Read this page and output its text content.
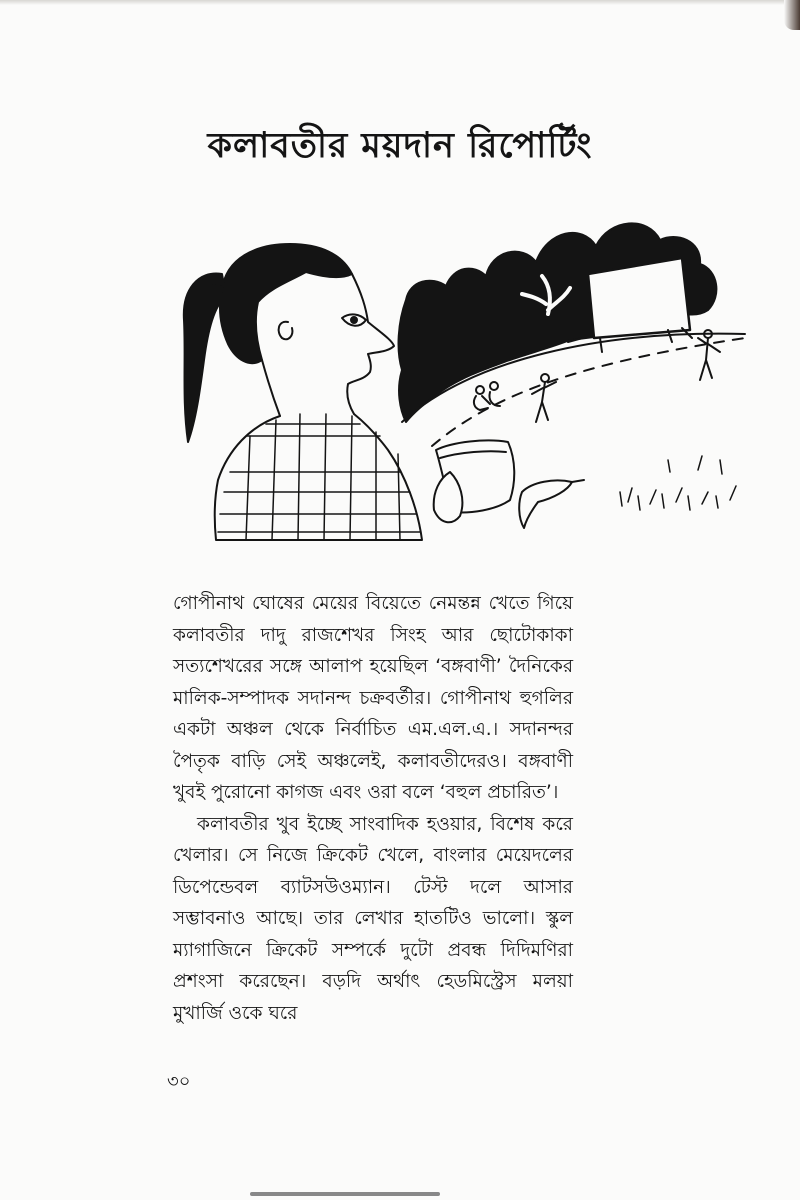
কলাবতীর ময়দান রিপোর্টিং

গোপীনাথ ঘোষের মেয়ের বিয়েতে নেমন্তন্ন খেতে গিয়ে কলাবতীর দাদু রাজশেখর সিংহ আর ছোটোকাকা সত্যশেখরের সঙ্গে আলাপ হয়েছিল ‘বঙ্গবাণী’ দৈনিকের মালিক-সম্পাদক সদানন্দ চক্রবর্তীর। গোপীনাথ হুগলির একটা অঞ্চল থেকে নির্বাচিত এম.এল.এ.। সদানন্দর পৈতৃক বাড়ি সেই অঞ্চলেই, কলাবতীদেরও। বঙ্গবাণী খুবই পুরোনো কাগজ এবং ওরা বলে ‘বহুল প্রচারিত’।

কলাবতীর খুব ইচ্ছে সাংবাদিক হওয়ার, বিশেষ করে খেলার। সে নিজে ক্রিকেট খেলে, বাংলার মেয়েদলের ডিপেন্ডেবল ব্যাটসউওম্যান। টেস্ট দলে আসার সম্ভাবনাও আছে। তার লেখার হাতটিও ভালো। স্কুল ম্যাগাজিনে ক্রিকেট সম্পর্কে দুটো প্রবন্ধ দিদিমণিরা প্রশংসা করেছেন। বড়দি অর্থাৎ হেডমিস্ট্রেস মলয়া মুখার্জি ওকে ঘরে

৩০
